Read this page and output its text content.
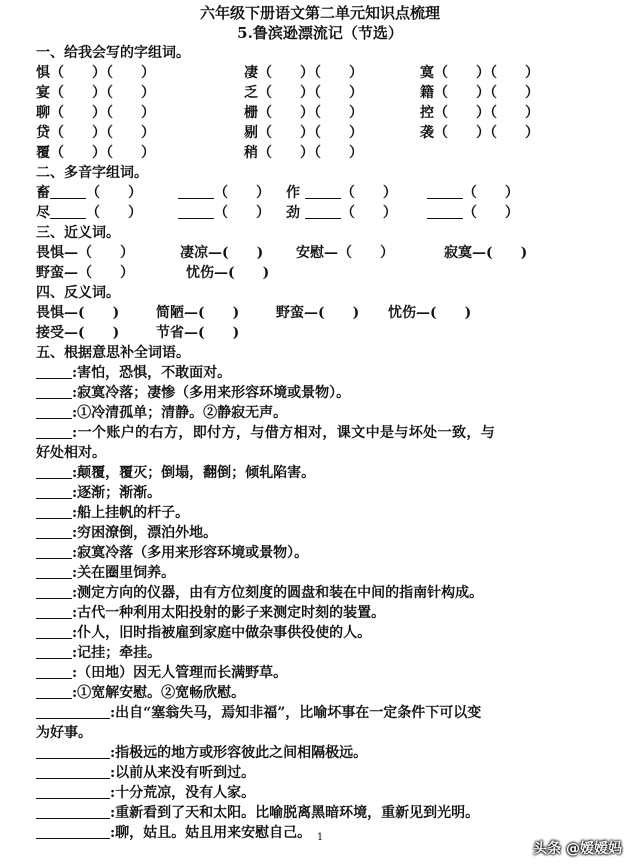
六年级下册语文第二单元知识点梳理
5.鲁滨逊漂流记（节选）
一、给我会写的字组词。
惧（　　）（　　）	凄（　　）（　　）	寞（　　）（　　）
宴（　　）（　　）	乏（　　）（　　）	籍（　　）（　　）
聊（　　）（　　）	栅（　　）（　　）	控（　　）（　　）
贷（　　）（　　）	剔（　　）（　　）	袭（　　）（　　）
覆（　　）（　　）	稍（　　）（　　）
二、多音字组词。
畜	（　　）	（　　） 作	（　　）	（　　）
尽	（　　）	（　　） 劲	（　　）	（　　）
三、近义词。
畏惧—（　　）	凄凉—(　　) 安慰—（　　）	寂寞—(　　)
野蛮—（　　）	忧伤—(　　)
四、反义词。
畏惧—(　　)	简陋—(　　)	野蛮—(　　) 忧伤—(　　)
接受—(　　)	节省—(　　)
五、根据意思补全词语。
:害怕，恐惧，不敢面对。
:寂寞冷落；凄惨（多用来形容环境或景物）。
:①冷清孤单；清静。②静寂无声。
:一个账户的右方，即付方，与借方相对，课文中是与坏处一致，与
好处相对。
:颠覆，覆灭；倒塌，翻倒；倾轧陷害。
:逐渐；渐渐。
:船上挂帆的杆子。
:穷困潦倒，漂泊外地。
:寂寞冷落（多用来形容环境或景物）。
:关在圈里饲养。
:测定方向的仪器，由有方位刻度的圆盘和装在中间的指南针构成。
:古代一种利用太阳投射的影子来测定时刻的装置。
:仆人，旧时指被雇到家庭中做杂事供役使的人。
:记挂；牵挂。
:（田地）因无人管理而长满野草。
:①宽解安慰。②宽畅欣慰。
:出自“塞翁失马，焉知非福”，比喻坏事在一定条件下可以变
为好事。
:指极远的地方或形容彼此之间相隔极远。
:以前从来没有听到过。
:十分荒凉，没有人家。
:重新看到了天和太阳。比喻脱离黑暗环境，重新见到光明。
:聊，姑且。姑且用来安慰自己。 1
头条 @嫒嫒妈
